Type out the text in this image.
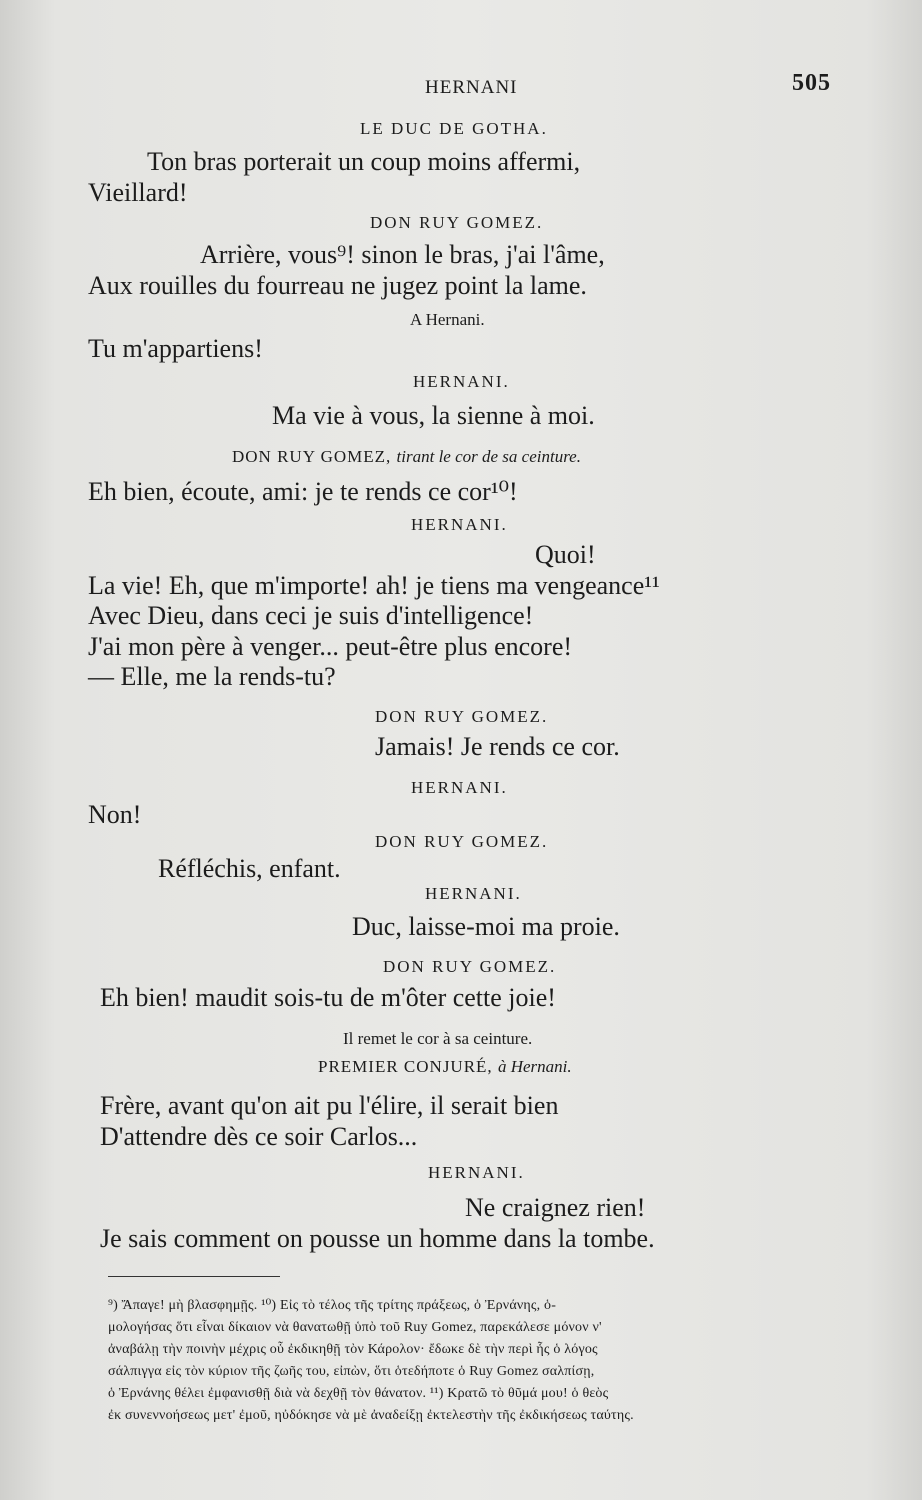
HERNANI	505
LE DUC DE GOTHA.
Ton bras porterait un coup moins affermi,
Vieillard!
DON RUY GOMEZ.
Arrière, vous⁹! sinon le bras, j'ai l'âme,
Aux rouilles du fourreau ne jugez point la lame.
A Hernani.
Tu m'appartiens!
HERNANI.
Ma vie à vous, la sienne à moi.
DON RUY GOMEZ, tirant le cor de sa ceinture.
Eh bien, écoute, ami: je te rends ce cor¹⁰!
HERNANI.
Quoi!
La vie! Eh, que m'importe! ah! je tiens ma vengeance¹¹
Avec Dieu, dans ceci je suis d'intelligence!
J'ai mon père à venger... peut-être plus encore!
— Elle, me la rends-tu?
DON RUY GOMEZ.
Jamais! Je rends ce cor.
HERNANI.
Non!
DON RUY GOMEZ.
Réfléchis, enfant.
HERNANI.
Duc, laisse-moi ma proie.
DON RUY GOMEZ.
Eh bien! maudit sois-tu de m'ôter cette joie!
Il remet le cor à sa ceinture.
PREMIER CONJURÉ, à Hernani.
Frère, avant qu'on ait pu l'élire, il serait bien
D'attendre dès ce soir Carlos...
HERNANI.
Ne craignez rien!
Je sais comment on pousse un homme dans la tombe.
⁹) Ἄπαγε! μὴ βλασφημῇς. ¹⁰) Εἰς τὸ τέλος τῆς τρίτης πράξεως, ὁ Ἐρνάνης, ὁ-
μολογήσας ὅτι εἶναι δίκαιον νὰ θανατωθῇ ὑπὸ τοῦ Ruy Gomez, παρεκάλεσε μόνον ν'
ἀναβάλῃ τὴν ποινὴν μέχρις οὗ ἐκδικηθῇ τὸν Κάρολον· ἔδωκε δὲ τὴν περὶ ἧς ὁ λόγος
σάλπιγγα εἰς τὸν κύριον τῆς ζωῆς του, εἰπὼν, ὅτι ὁτεδήποτε ὁ Ruy Gomez σαλπίσῃ,
ὁ Ἐρνάνης θέλει ἐμφανισθῇ διὰ νὰ δεχθῇ τὸν θάνατον. ¹¹) Κρατῶ τὸ θῦμά μου! ὁ θεὸς
ἐκ συνεννοήσεως μετ' ἐμοῦ, ηὐδόκησε νὰ μὲ ἀναδείξῃ ἐκτελεστὴν τῆς ἐκδικήσεως ταύτης.
